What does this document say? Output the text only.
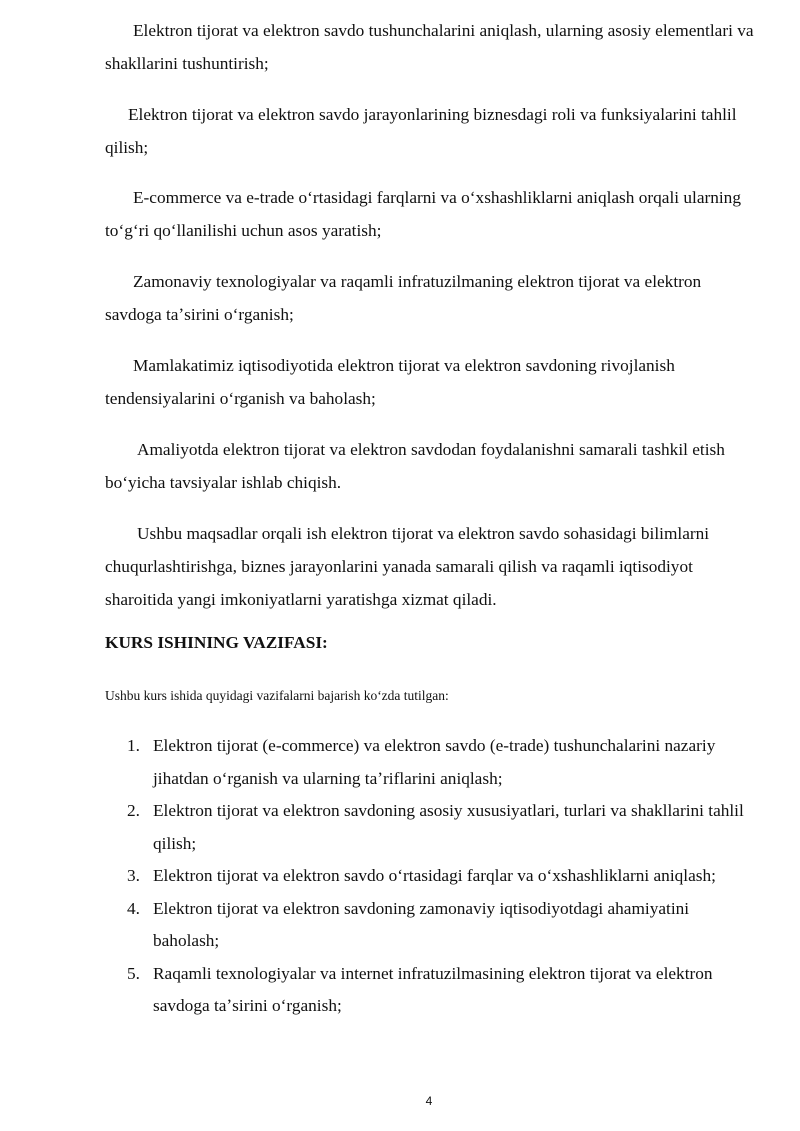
Elektron tijorat va elektron savdo tushunchalarini aniqlash, ularning asosiy elementlari va shakllarini tushuntirish;

Elektron tijorat va elektron savdo jarayonlarining biznesdagi roli va funksiyalarini tahlil qilish;

E-commerce va e-trade oʻrtasidagi farqlarni va oʻxshashliklarni aniqlash orqali ularning toʻgʻri qoʻllanilishi uchun asos yaratish;

Zamonaviy texnologiyalar va raqamli infratuzilmaning elektron tijorat va elektron savdoga taʼsirini oʻrganish;

Mamlakatimiz iqtisodiyotida elektron tijorat va elektron savdoning rivojlanish tendensiyalarini oʻrganish va baholash;

Amaliyotda elektron tijorat va elektron savdodan foydalanishni samarali tashkil etish boʻyicha tavsiyalar ishlab chiqish.

Ushbu maqsadlar orqali ish elektron tijorat va elektron savdo sohasidagi bilimlarni chuqurlashtirishga, biznes jarayonlarini yanada samarali qilish va raqamli iqtisodiyot sharoitida yangi imkoniyatlarni yaratishga xizmat qiladi.

KURS ISHINING VAZIFASI:

Ushbu kurs ishida quyidagi vazifalarni bajarish koʻzda tutilgan:

1. Elektron tijorat (e-commerce) va elektron savdo (e-trade) tushunchalarini nazariy jihatdan oʻrganish va ularning taʼriflarini aniqlash;
2. Elektron tijorat va elektron savdoning asosiy xususiyatlari, turlari va shakllarini tahlil qilish;
3. Elektron tijorat va elektron savdo oʻrtasidagi farqlar va oʻxshashliklarni aniqlash;
4. Elektron tijorat va elektron savdoning zamonaviy iqtisodiyotdagi ahamiyatini baholash;
5. Raqamli texnologiyalar va internet infratuzilmasining elektron tijorat va elektron savdoga taʼsirini oʻrganish;

4
